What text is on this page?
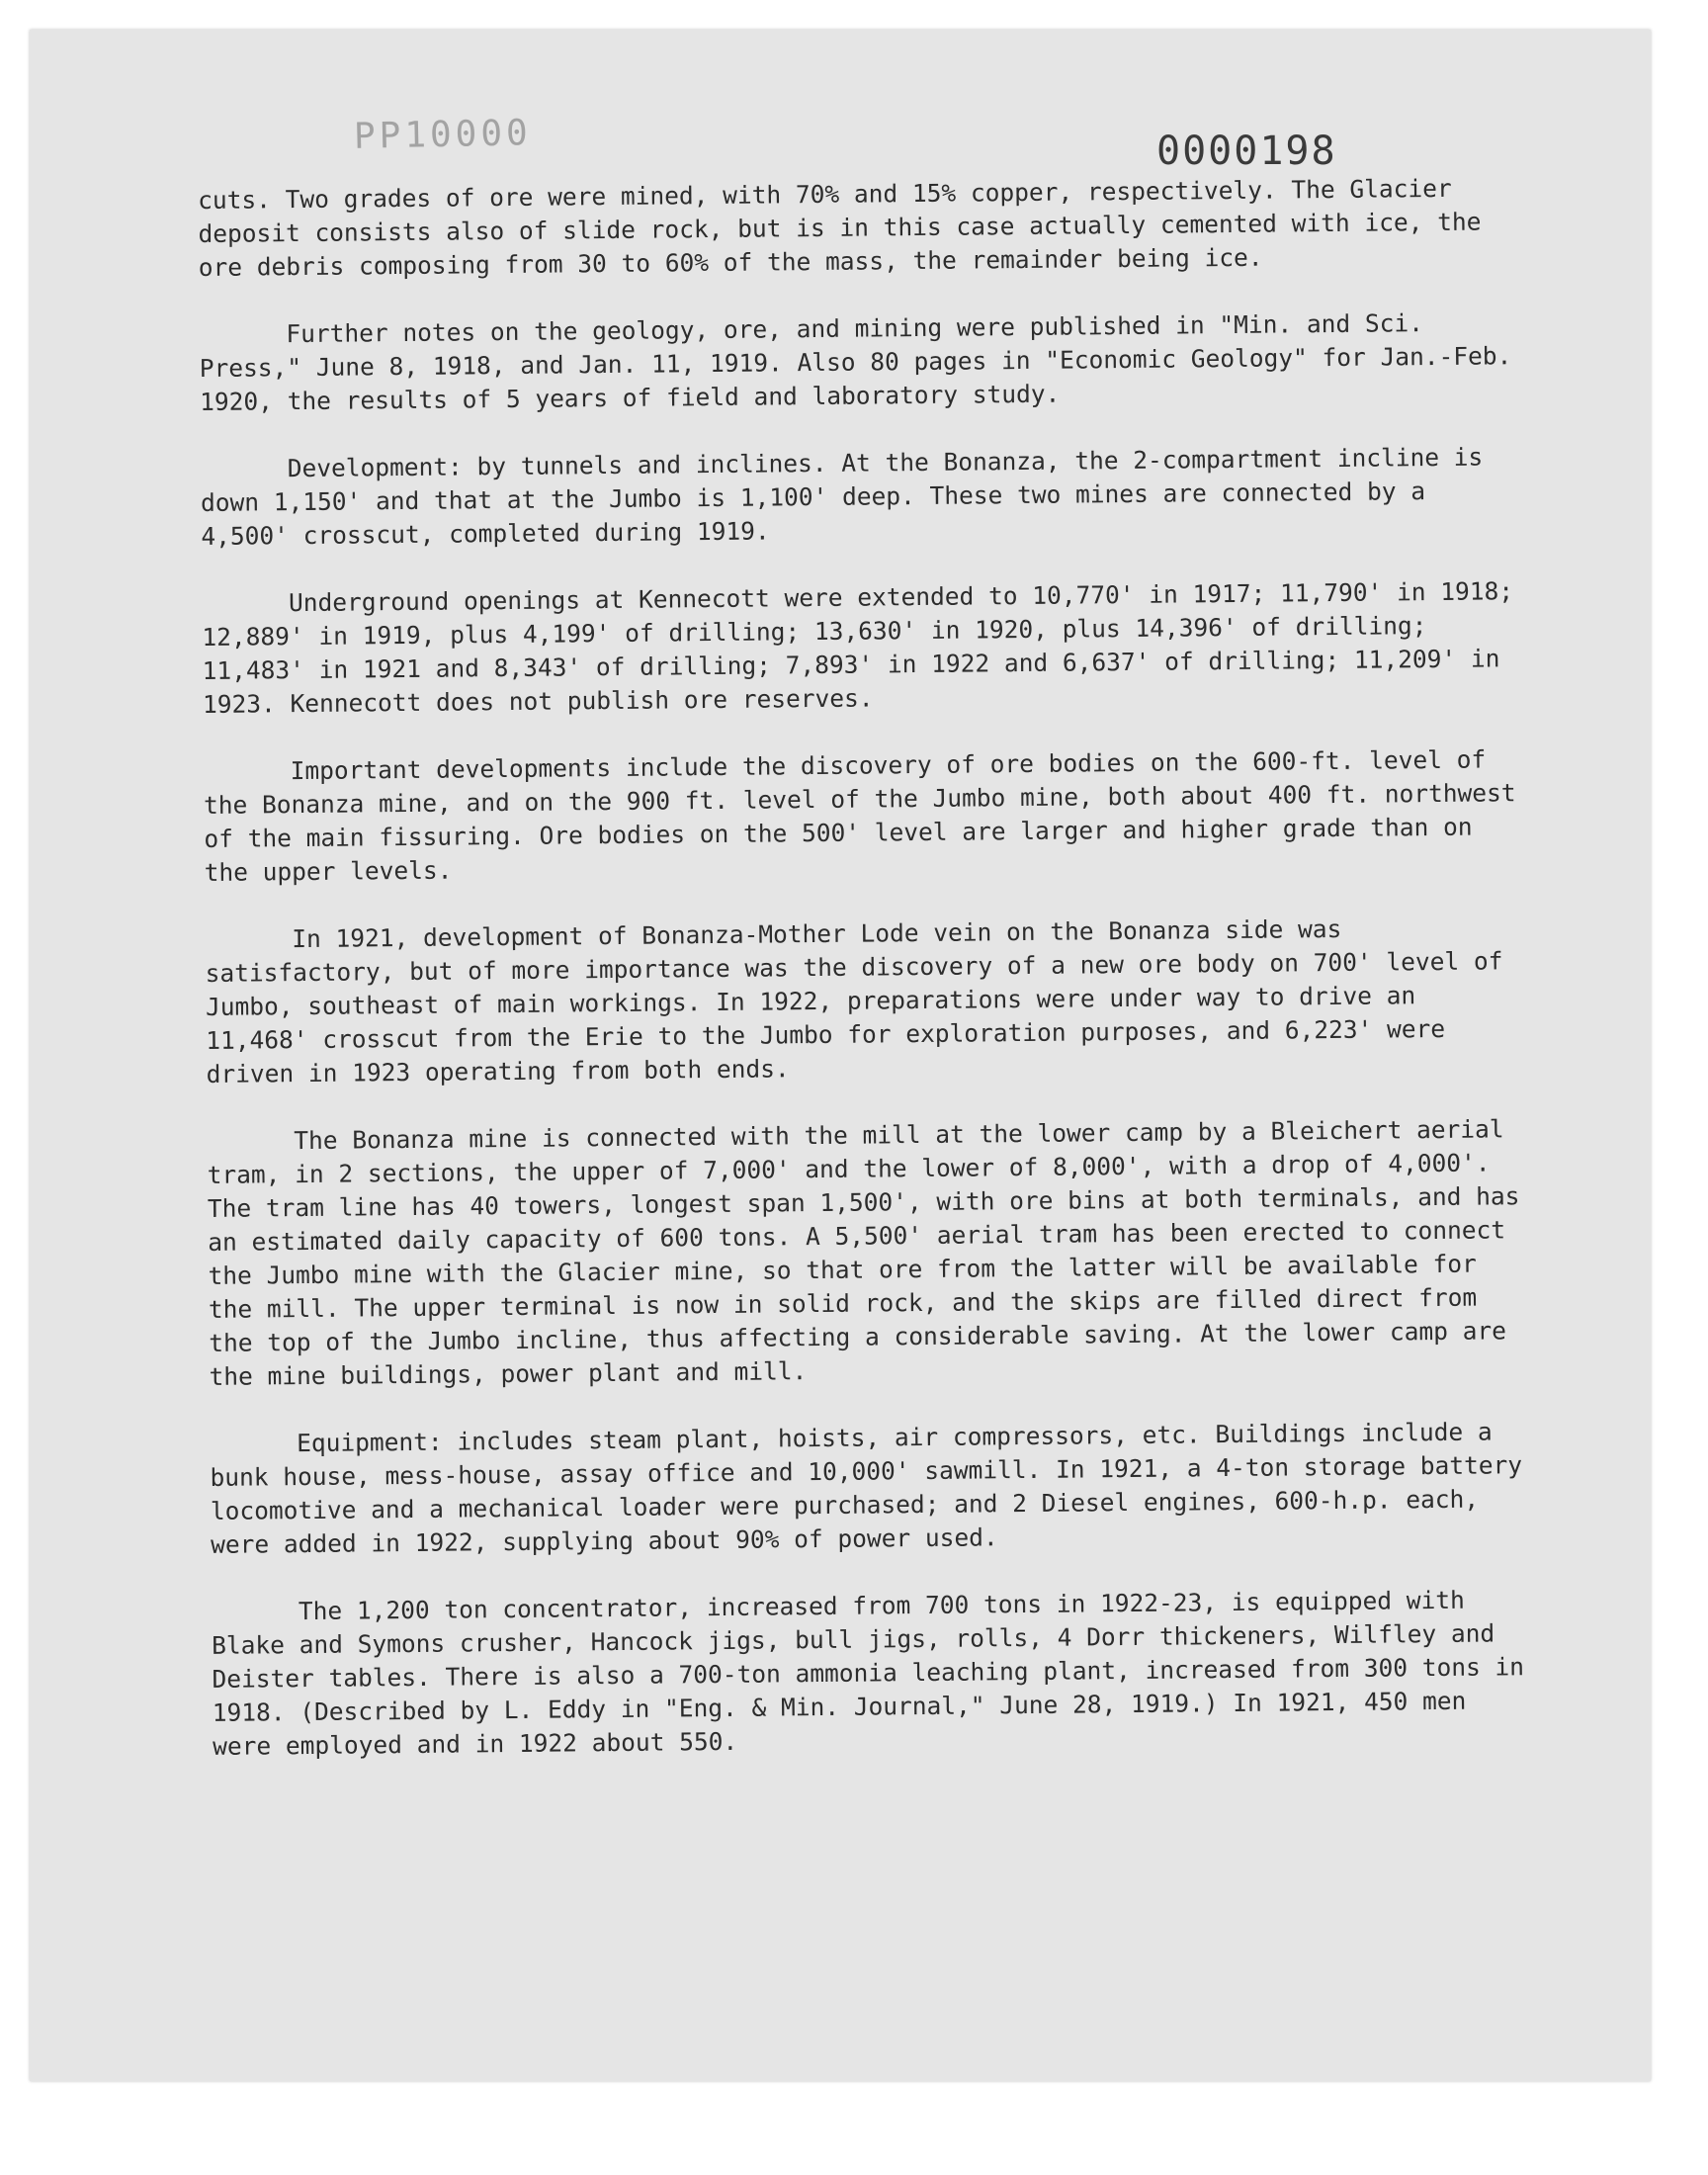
PP10000	0000198

cuts. Two grades of ore were mined, with 70% and 15% copper, respectively. The Glacier deposit consists also of slide rock, but is in this case actually cemented with ice, the ore debris composing from 30 to 60% of the mass, the remainder being ice.

Further notes on the geology, ore, and mining were published in "Min. and Sci. Press," June 8, 1918, and Jan. 11, 1919. Also 80 pages in "Economic Geology" for Jan.-Feb. 1920, the results of 5 years of field and laboratory study.

Development: by tunnels and inclines. At the Bonanza, the 2-compartment incline is down 1,150' and that at the Jumbo is 1,100' deep. These two mines are connected by a 4,500' crosscut, completed during 1919.

Underground openings at Kennecott were extended to 10,770' in 1917; 11,790' in 1918; 12,889' in 1919, plus 4,199' of drilling; 13,630' in 1920, plus 14,396' of drilling; 11,483' in 1921 and 8,343' of drilling; 7,893' in 1922 and 6,637' of drilling; 11,209' in 1923. Kennecott does not publish ore reserves.

Important developments include the discovery of ore bodies on the 600-ft. level of the Bonanza mine, and on the 900 ft. level of the Jumbo mine, both about 400 ft. northwest of the main fissuring. Ore bodies on the 500' level are larger and higher grade than on the upper levels.

In 1921, development of Bonanza-Mother Lode vein on the Bonanza side was satisfactory, but of more importance was the discovery of a new ore body on 700' level of Jumbo, southeast of main workings. In 1922, preparations were under way to drive an 11,468' crosscut from the Erie to the Jumbo for exploration purposes, and 6,223' were driven in 1923 operating from both ends.

The Bonanza mine is connected with the mill at the lower camp by a Bleichert aerial tram, in 2 sections, the upper of 7,000' and the lower of 8,000', with a drop of 4,000'. The tram line has 40 towers, longest span 1,500', with ore bins at both terminals, and has an estimated daily capacity of 600 tons. A 5,500' aerial tram has been erected to connect the Jumbo mine with the Glacier mine, so that ore from the latter will be available for the mill. The upper terminal is now in solid rock, and the skips are filled direct from the top of the Jumbo incline, thus affecting a considerable saving. At the lower camp are the mine buildings, power plant and mill.

Equipment: includes steam plant, hoists, air compressors, etc. Buildings include a bunk house, mess-house, assay office and 10,000' sawmill. In 1921, a 4-ton storage battery locomotive and a mechanical loader were purchased; and 2 Diesel engines, 600-h.p. each, were added in 1922, supplying about 90% of power used.

The 1,200 ton concentrator, increased from 700 tons in 1922-23, is equipped with Blake and Symons crusher, Hancock jigs, bull jigs, rolls, 4 Dorr thickeners, Wilfley and Deister tables. There is also a 700-ton ammonia leaching plant, increased from 300 tons in 1918. (Described by L. Eddy in "Eng. & Min. Journal," June 28, 1919.) In 1921, 450 men were employed and in 1922 about 550.
